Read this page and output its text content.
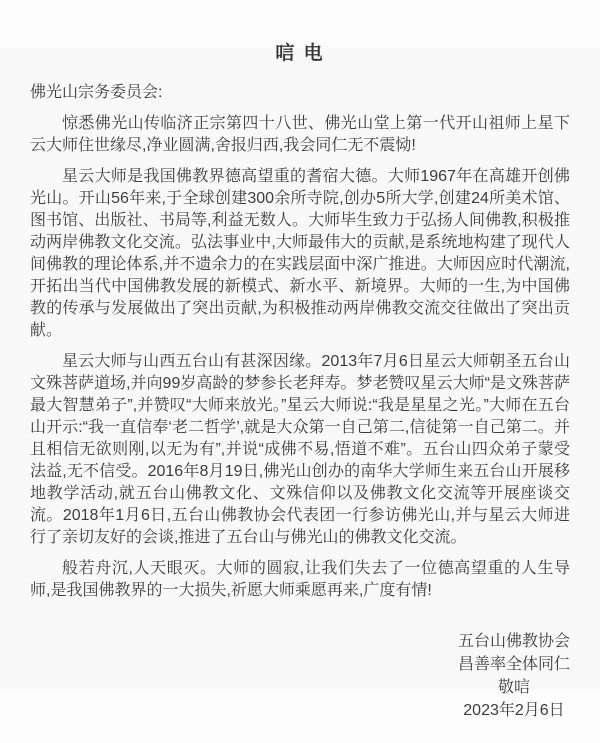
唁 电

佛光山宗务委员会:

惊悉佛光山传临济正宗第四十八世、佛光山堂上第一代开山祖师上星下云大师住世缘尽,净业圆满,舍报归西,我会同仁无不震恸!

星云大师是我国佛教界德高望重的耆宿大德。大师1967年在高雄开创佛光山。开山56年来,于全球创建300余所寺院,创办5所大学,创建24所美术馆、图书馆、出版社、书局等,利益无数人。大师毕生致力于弘扬人间佛教,积极推动两岸佛教文化交流。弘法事业中,大师最伟大的贡献,是系统地构建了现代人间佛教的理论体系,并不遗余力的在实践层面中深广推进。大师因应时代潮流,开拓出当代中国佛教发展的新模式、新水平、新境界。大师的一生,为中国佛教的传承与发展做出了突出贡献,为积极推动两岸佛教交流交往做出了突出贡献。

星云大师与山西五台山有甚深因缘。2013年7月6日星云大师朝圣五台山文殊菩萨道场,并向99岁高龄的梦参长老拜寿。梦老赞叹星云大师“是文殊菩萨最大智慧弟子”,并赞叹“大师来放光。”星云大师说:“我是星星之光。”大师在五台山开示:“我一直信奉‘老二哲学’,就是大众第一自己第二,信徒第一自己第二。并且相信无欲则刚,以无为有”,并说“成佛不易,悟道不难”。五台山四众弟子蒙受法益,无不信受。2016年8月19日,佛光山创办的南华大学师生来五台山开展移地教学活动,就五台山佛教文化、文殊信仰以及佛教文化交流等开展座谈交流。2018年1月6日,五台山佛教协会代表团一行参访佛光山,并与星云大师进行了亲切友好的会谈,推进了五台山与佛光山的佛教文化交流。

般若舟沉,人天眼灭。大师的圆寂,让我们失去了一位德高望重的人生导师,是我国佛教界的一大损失,祈愿大师乘愿再来,广度有情!

五台山佛教协会
昌善率全体同仁
敬唁
2023年2月6日
